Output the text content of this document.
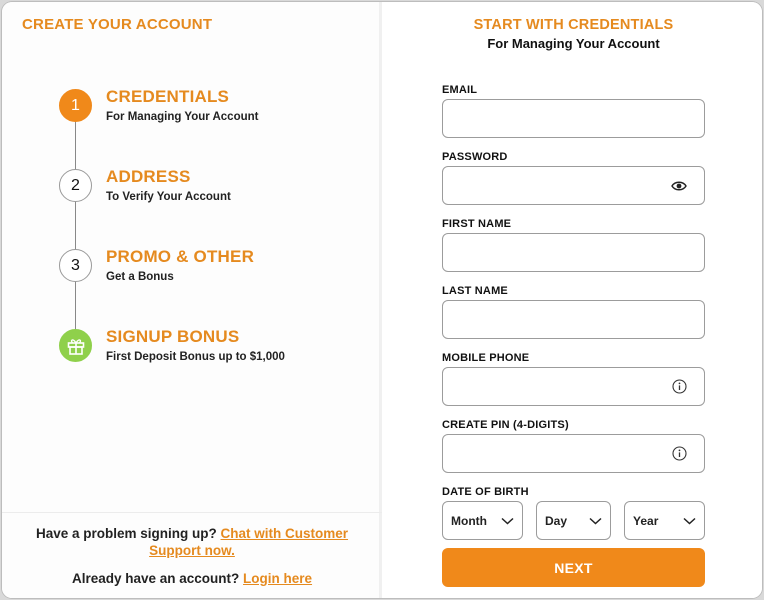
CREATE YOUR ACCOUNT
1	CREDENTIALS
For Managing Your Account
2	ADDRESS
To Verify Your Account
3	PROMO & OTHER
Get a Bonus
SIGNUP BONUS
First Deposit Bonus up to $1,000
Have a problem signing up? Chat with Customer Support now.
Already have an account? Login here
START WITH CREDENTIALS
For Managing Your Account
EMAIL
PASSWORD
FIRST NAME
LAST NAME
MOBILE PHONE
CREATE PIN (4-DIGITS)
DATE OF BIRTH
Month	Day	Year
NEXT
